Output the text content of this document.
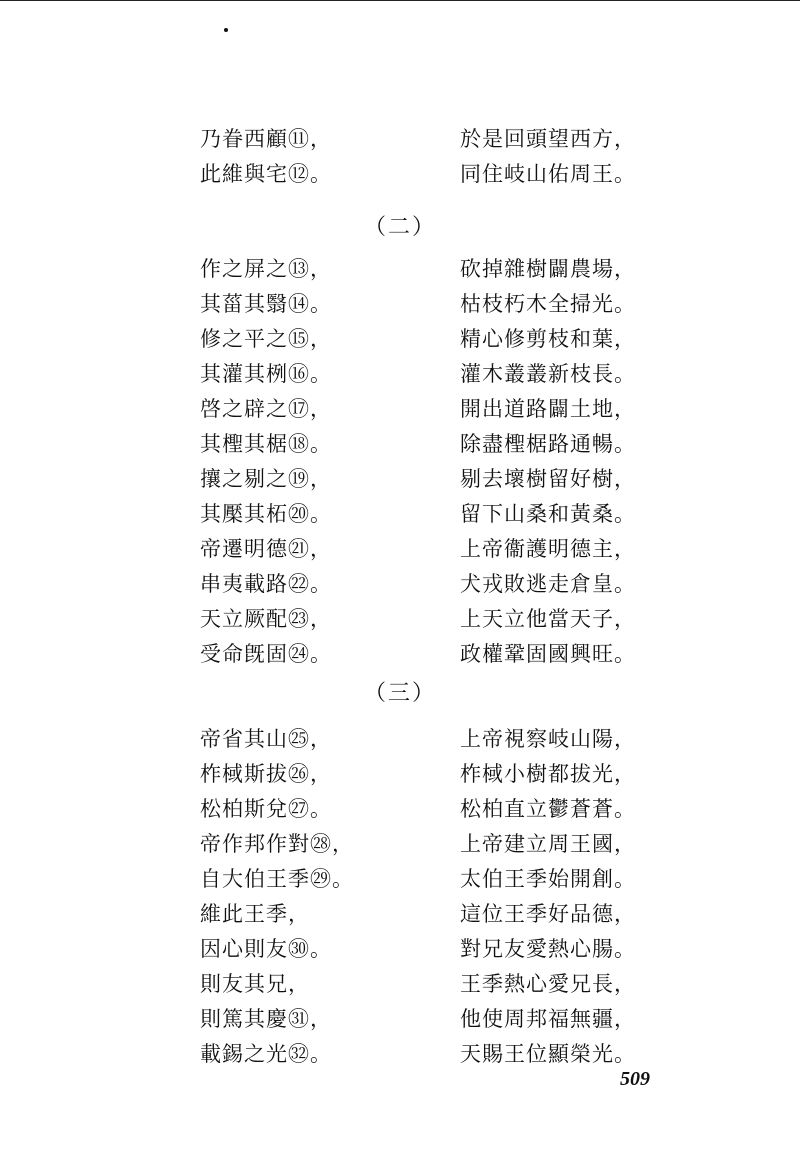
乃眷西顧⑪，	於是回頭望西方，
此維與宅⑫。	同住岐山佑周王。
（二）
作之屏之⑬，	砍掉雜樹闢農場，
其菑其翳⑭。	枯枝朽木全掃光。
修之平之⑮，	精心修剪枝和葉，
其灌其栵⑯。	灌木叢叢新枝長。
啓之辟之⑰，	開出道路闢土地，
其檉其椐⑱。	除盡檉椐路通暢。
攘之剔之⑲，	剔去壞樹留好樹，
其檿其柘⑳。	留下山桑和黃桑。
帝遷明德㉑，	上帝衞護明德主，
串夷載路㉒。	犬戎敗逃走倉皇。
天立厥配㉓，	上天立他當天子，
受命旣固㉔。	政權鞏固國興旺。
（三）
帝省其山㉕，	上帝視察岐山陽，
柞棫斯拔㉖，	柞棫小樹都拔光，
松柏斯兌㉗。	松柏直立鬱蒼蒼。
帝作邦作對㉘，	上帝建立周王國，
自大伯王季㉙。	太伯王季始開創。
維此王季，	這位王季好品德，
因心則友㉚。	對兄友愛熱心腸。
則友其兄，	王季熱心愛兄長，
則篤其慶㉛，	他使周邦福無疆，
載錫之光㉜。	天賜王位顯榮光。
509
